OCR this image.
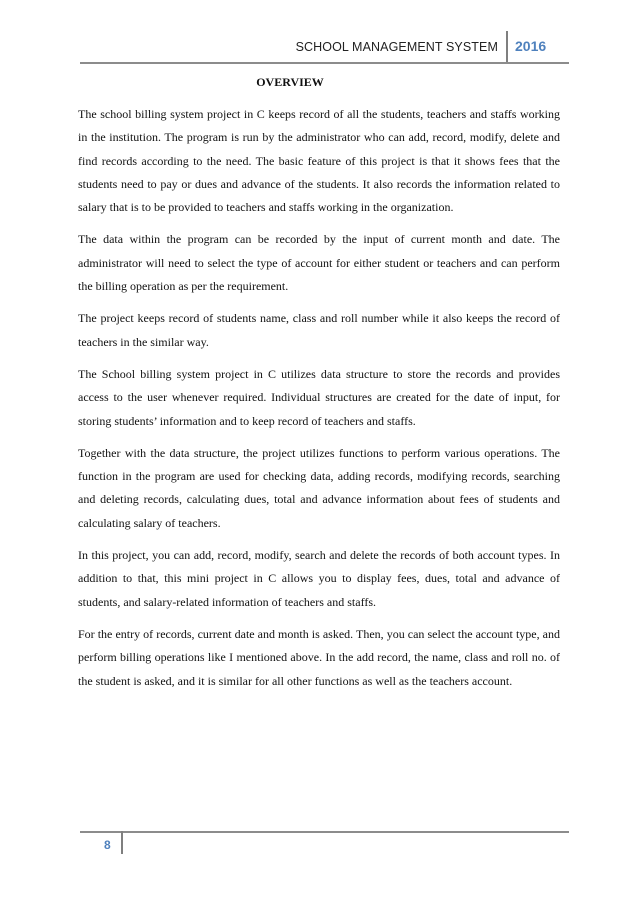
SCHOOL MANAGEMENT SYSTEM 2016
OVERVIEW

The school billing system project in C keeps record of all the students, teachers and staffs working in the institution. The program is run by the administrator who can add, record, modify, delete and find records according to the need. The basic feature of this project is that it shows fees that the students need to pay or dues and advance of the students. It also records the information related to salary that is to be provided to teachers and staffs working in the organization.

The data within the program can be recorded by the input of current month and date. The administrator will need to select the type of account for either student or teachers and can perform the billing operation as per the requirement.

The project keeps record of students name, class and roll number while it also keeps the record of teachers in the similar way.

The School billing system project in C utilizes data structure to store the records and provides access to the user whenever required. Individual structures are created for the date of input, for storing students’ information and to keep record of teachers and staffs.

Together with the data structure, the project utilizes functions to perform various operations. The function in the program are used for checking data, adding records, modifying records, searching and deleting records, calculating dues, total and advance information about fees of students and calculating salary of teachers.

In this project, you can add, record, modify, search and delete the records of both account types. In addition to that, this mini project in C allows you to display fees, dues, total and advance of students, and salary-related information of teachers and staffs.

For the entry of records, current date and month is asked. Then, you can select the account type, and perform billing operations like I mentioned above. In the add record, the name, class and roll no. of the student is asked, and it is similar for all other functions as well as the teachers account.

8
